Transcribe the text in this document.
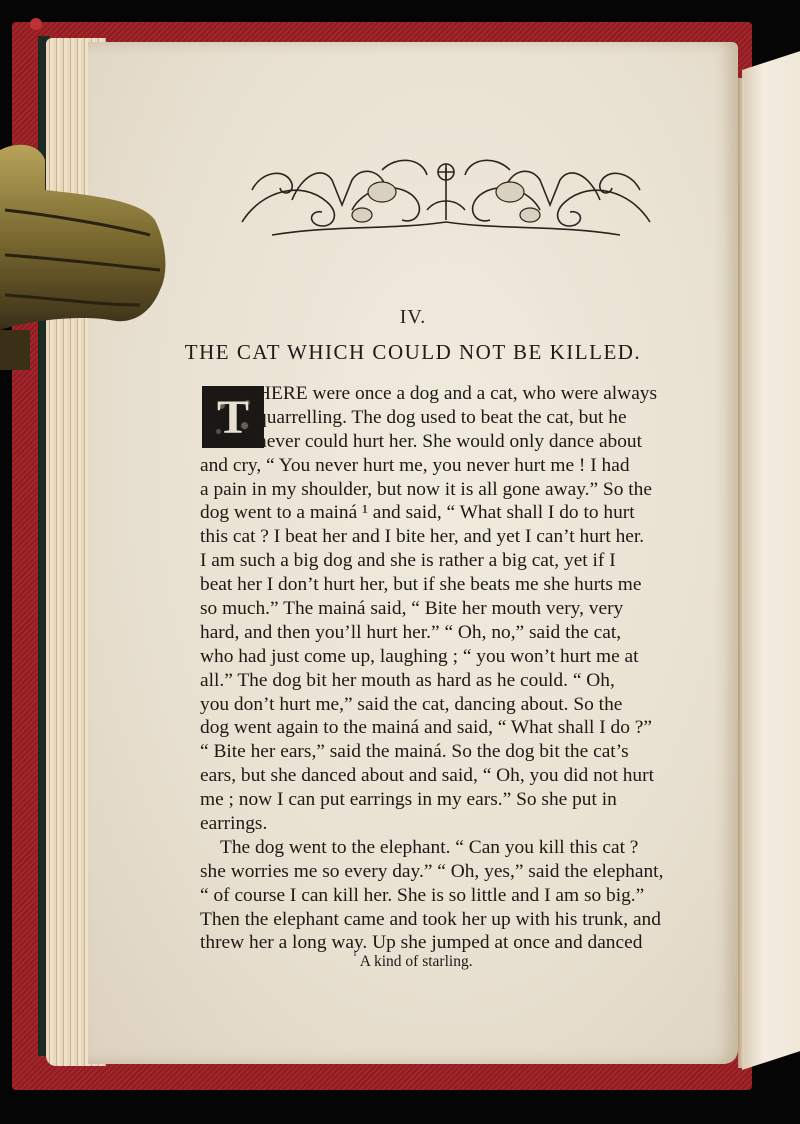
IV.
THE CAT WHICH COULD NOT BE KILLED.
T HERE were once a dog and a cat, who were always
quarrelling. The dog used to beat the cat, but he
never could hurt her. She would only dance about
and cry, “ You never hurt me, you never hurt me ! I had
a pain in my shoulder, but now it is all gone away.” So the
dog went to a mainá ¹ and said, “ What shall I do to hurt
this cat ? I beat her and I bite her, and yet I can’t hurt her.
I am such a big dog and she is rather a big cat, yet if I
beat her I don’t hurt her, but if she beats me she hurts me
so much.” The mainá said, “ Bite her mouth very, very
hard, and then you’ll hurt her.” “ Oh, no,” said the cat,
who had just come up, laughing ; “ you won’t hurt me at
all.” The dog bit her mouth as hard as he could. “ Oh,
you don’t hurt me,” said the cat, dancing about. So the
dog went again to the mainá and said, “ What shall I do ?”
“ Bite her ears,” said the mainá. So the dog bit the cat’s
ears, but she danced about and said, “ Oh, you did not hurt
me ; now I can put earrings in my ears.” So she put in
earrings.
The dog went to the elephant. “ Can you kill this cat ?
she worries me so every day.” “ Oh, yes,” said the elephant,
“ of course I can kill her. She is so little and I am so big.”
Then the elephant came and took her up with his trunk, and
threw her a long way. Up she jumped at once and danced
$^{^1}$ A kind of starling.
